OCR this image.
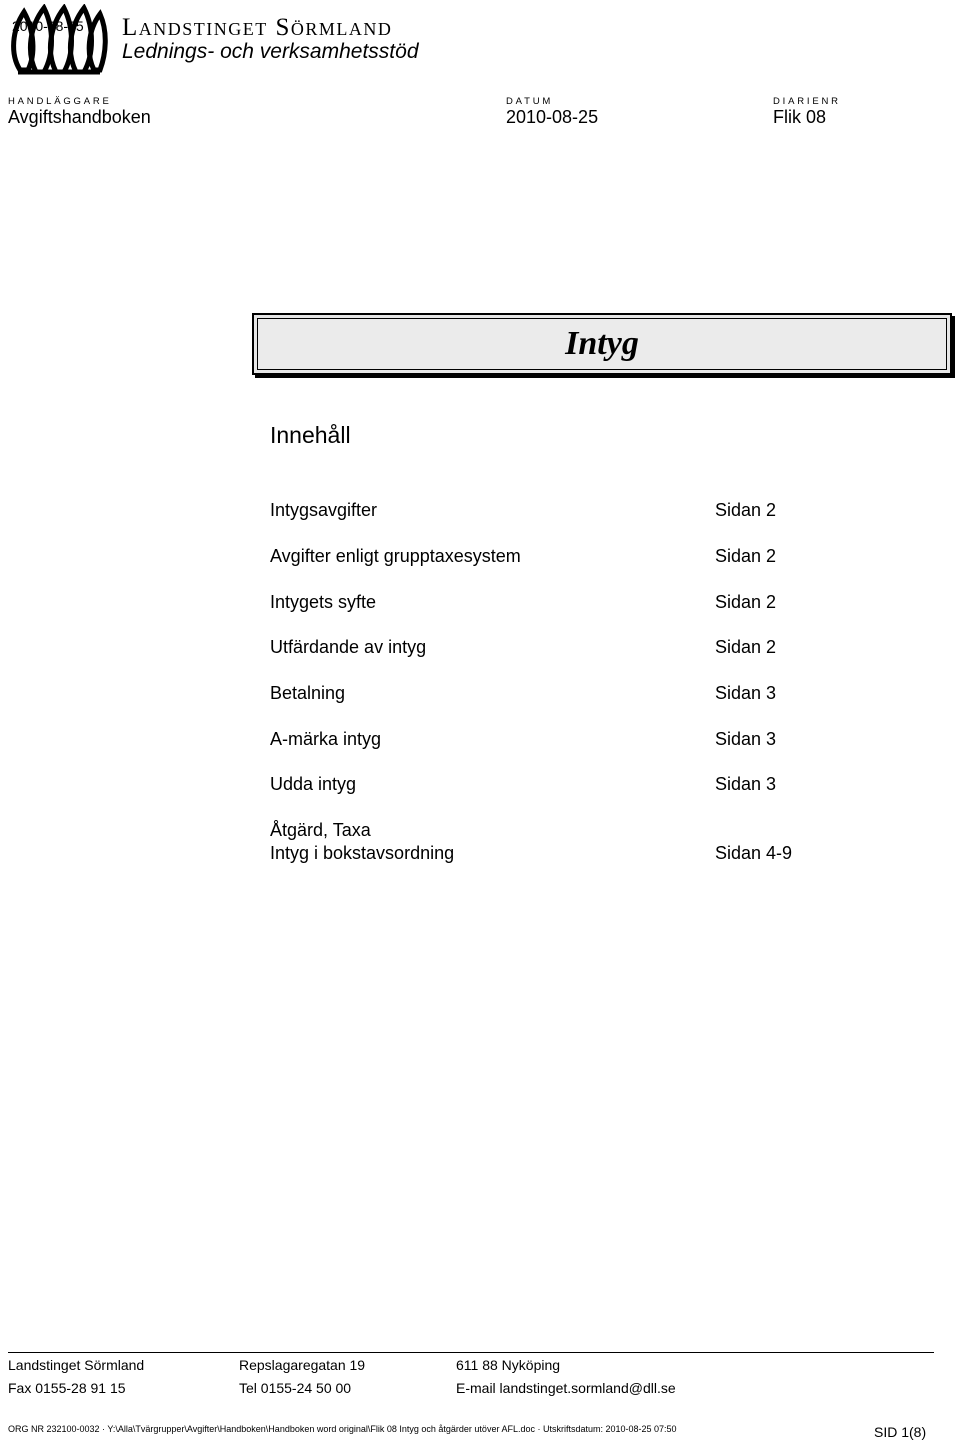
2010-08-25 Landstinget Sörmland
Lednings- och verksamhetsstöd
HANDLÄGGARE
Avgiftshandboken
DATUM
2010-08-25
DIARIENR
Flik 08
Intyg
Innehåll
Intygsavgifter	Sidan 2
Avgifter enligt grupptaxesystem	Sidan 2
Intygets syfte	Sidan 2
Utfärdande av intyg	Sidan 2
Betalning	Sidan 3
A-märka intyg	Sidan 3
Udda intyg	Sidan 3
Åtgärd, Taxa
Intyg i bokstavsordning	Sidan 4-9
Landstinget Sörmland	Repslagaregatan 19	611 88 Nyköping
Fax 0155-28 91 15	Tel 0155-24 50 00	E-mail landstinget.sormland@dll.se
ORG NR 232100-0032 · Y:\Alla\Tvärgrupper\Avgifter\Handboken\Handboken word original\Flik 08 Intyg och åtgärder utöver AFL.doc · Utskriftsdatum: 2010-08-25 07:50	SID 1(8)
